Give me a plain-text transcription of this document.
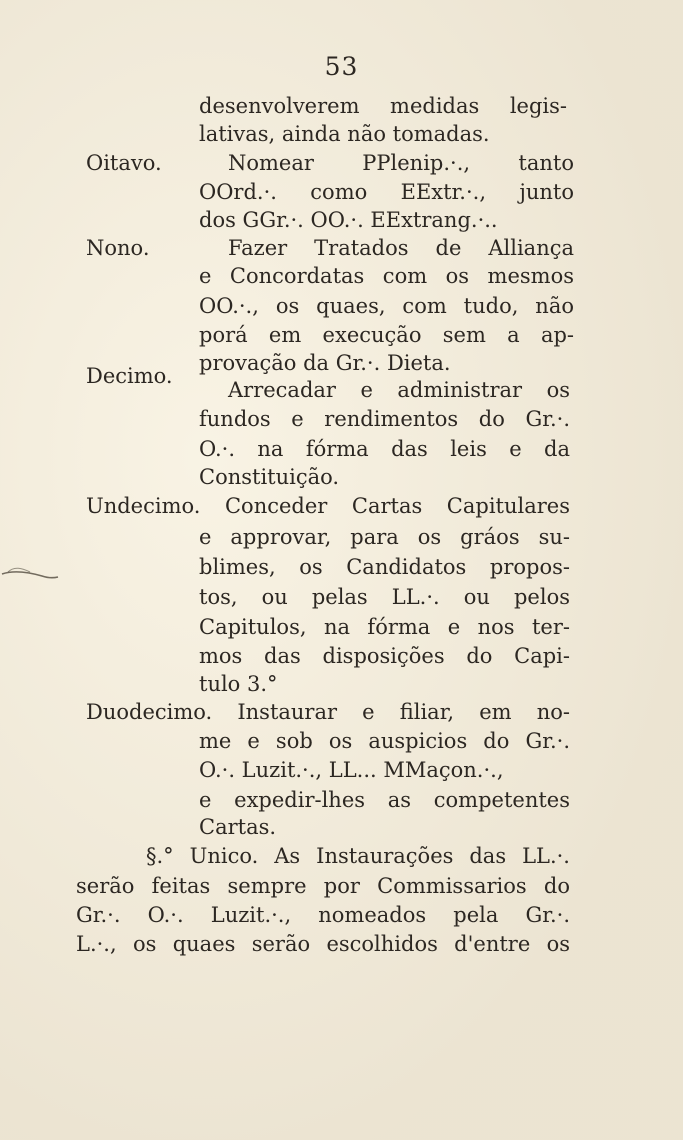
53
Oitavo.
Nono.
Decimo.
desenvolverem medidas legis-
lativas, ainda não tomadas.
Nomear PPlenip.·., tanto
OOrd.·. como EExtr.·., junto
dos GGr.·. OO.·. EExtrang.·..
Fazer Tratados de Alliança
e Concordatas com os mesmos
OO.·., os quaes, com tudo, não
porá em execução sem a ap-
provação da Gr.·. Dieta.
Arrecadar e administrar os
fundos e rendimentos do Gr.·.
O.·. na fórma das leis e da
Constituição.
Undecimo. Conceder Cartas Capitulares
e approvar, para os gráos su-
blimes, os Candidatos propos-
tos, ou pelas LL.·. ou pelos
Capitulos, na fórma e nos ter-
mos das disposições do Capi-
tulo 3.°
Duodecimo. Instaurar e filiar, em no-
me e sob os auspicios do Gr.·.
O.·. Luzit.·., LL... MMaçon.·.,
e expedir-lhes as competentes
Cartas.
§.° Unico. As Instaurações das LL.·.
serão feitas sempre por Commissarios do
Gr.·. O.·. Luzit.·., nomeados pela Gr.·.
L.·., os quaes serão escolhidos d'entre os
